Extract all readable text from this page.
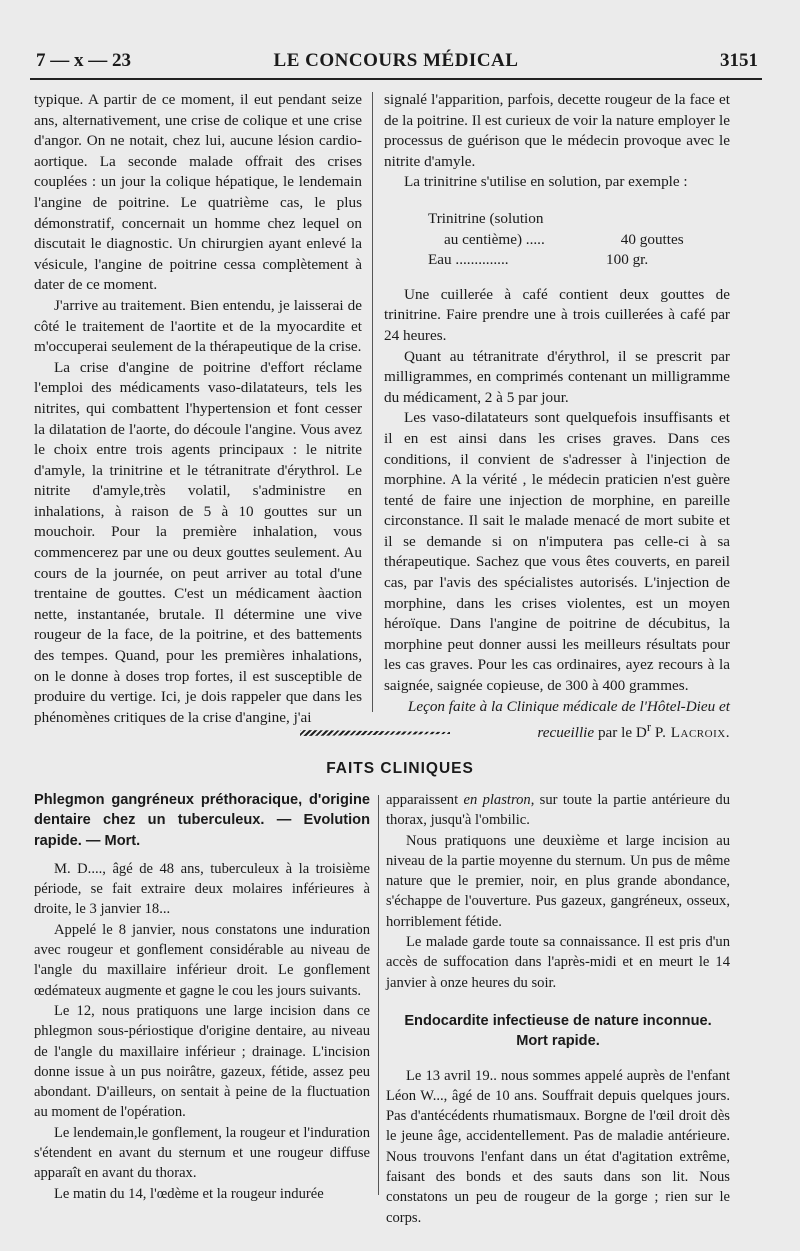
7 — x — 23	LE CONCOURS MÉDICAL	3151

typique. A partir de ce moment, il eut pendant seize ans, alternativement, une crise de colique et une crise d'angor. On ne notait, chez lui, aucune lésion cardio-aortique. La seconde malade offrait des crises couplées : un jour la colique hépatique, le lendemain l'angine de poitrine. Le quatrième cas, le plus démonstratif, concernait un homme chez lequel on discutait le diagnostic. Un chirurgien ayant enlevé la vésicule, l'angine de poitrine cessa complètement à dater de ce moment.

J'arrive au traitement. Bien entendu, je laisserai de côté le traitement de l'aortite et de la myocardite et m'occuperai seulement de la thérapeutique de la crise.

La crise d'angine de poitrine d'effort réclame l'emploi des médicaments vaso-dilatateurs, tels les nitrites, qui combattent l'hypertension et font cesser la dilatation de l'aorte, do découle l'angine. Vous avez le choix entre trois agents principaux : le nitrite d'amyle, la trinitrine et le tétranitrate d'érythrol. Le nitrite d'amyle,très volatil, s'administre en inhalations, à raison de 5 à 10 gouttes sur un mouchoir. Pour la première inhalation, vous commencerez par une ou deux gouttes seulement. Au cours de la journée, on peut arriver au total d'une trentaine de gouttes. C'est un médicament àaction nette, instantanée, brutale. Il détermine une vive rougeur de la face, de la poitrine, et des battements des tempes. Quand, pour les premières inhalations, on le donne à doses trop fortes, il est susceptible de produire du vertige. Ici, je dois rappeler que dans les phénomènes critiques de la crise d'angine, j'ai

signalé l'apparition, parfois, decette rougeur de la face et de la poitrine. Il est curieux de voir la nature employer le processus de guérison que le médecin provoque avec le nitrite d'amyle.

La trinitrine s'utilise en solution, par exemple :

Trinitrine (solution
au centième) .....	40 gouttes
Eau ..............	100 gr.

Une cuillerée à café contient deux gouttes de trinitrine. Faire prendre une à trois cuillerées à café par 24 heures.

Quant au tétranitrate d'érythrol, il se prescrit par milligrammes, en comprimés contenant un milligramme du médicament, 2 à 5 par jour.

Les vaso-dilatateurs sont quelquefois insuffisants et il en est ainsi dans les crises graves. Dans ces conditions, il convient de s'adresser à l'injection de morphine. A la vérité , le médecin praticien n'est guère tenté de faire une injection de morphine, en pareille circonstance. Il sait le malade menacé de mort subite et il se demande si on n'imputera pas celle-ci à sa thérapeutique. Sachez que vous êtes couverts, en pareil cas, par l'avis des spécialistes autorisés. L'injection de morphine, dans les crises violentes, est un moyen héroïque. Dans l'angine de poitrine de décubitus, la morphine peut donner aussi les meilleurs résultats pour les cas graves. Pour les cas ordinaires, ayez recours à la saignée, saignée copieuse, de 300 à 400 grammes.

Leçon faite à la Clinique médicale de l'Hôtel-Dieu et recueillie par le $D^r$ P. Lacroix.

FAITS CLINIQUES

Phlegmon gangréneux préthoracique, d'origine dentaire chez un tuberculeux. — Evolution rapide. — Mort.

M. D...., âgé de 48 ans, tuberculeux à la troisième période, se fait extraire deux molaires inférieures à droite, le 3 janvier 18...

Appelé le 8 janvier, nous constatons une induration avec rougeur et gonflement considérable au niveau de l'angle du maxillaire inférieur droit. Le gonflement œdémateux augmente et gagne le cou les jours suivants.

Le 12, nous pratiquons une large incision dans ce phlegmon sous-périostique d'origine dentaire, au niveau de l'angle du maxillaire inférieur ; drainage. L'incision donne issue à un pus noirâtre, gazeux, fétide, assez peu abondant. D'ailleurs, on sentait à peine de la fluctuation au moment de l'opération.

Le lendemain,le gonflement, la rougeur et l'induration s'étendent en avant du sternum et une rougeur diffuse apparaît en avant du thorax.

Le matin du 14, l'œdème et la rougeur indurée

apparaissent en plastron, sur toute la partie antérieure du thorax, jusqu'à l'ombilic.

Nous pratiquons une deuxième et large incision au niveau de la partie moyenne du sternum. Un pus de même nature que le premier, noir, en plus grande abondance, s'échappe de l'ouverture. Pus gazeux, gangréneux, osseux, horriblement fétide.

Le malade garde toute sa connaissance. Il est pris d'un accès de suffocation dans l'après-midi et en meurt le 14 janvier à onze heures du soir.

Endocardite infectieuse de nature inconnue.
Mort rapide.

Le 13 avril 19.. nous sommes appelé auprès de l'enfant Léon W..., âgé de 10 ans. Souffrait depuis quelques jours. Pas d'antécédents rhumatismaux. Borgne de l'œil droit dès le jeune âge, accidentellement. Pas de maladie antérieure. Nous trouvons l'enfant dans un état d'agitation extrême, faisant des bonds et des sauts dans son lit. Nous constatons un peu de rougeur de la gorge ; rien sur le corps.
